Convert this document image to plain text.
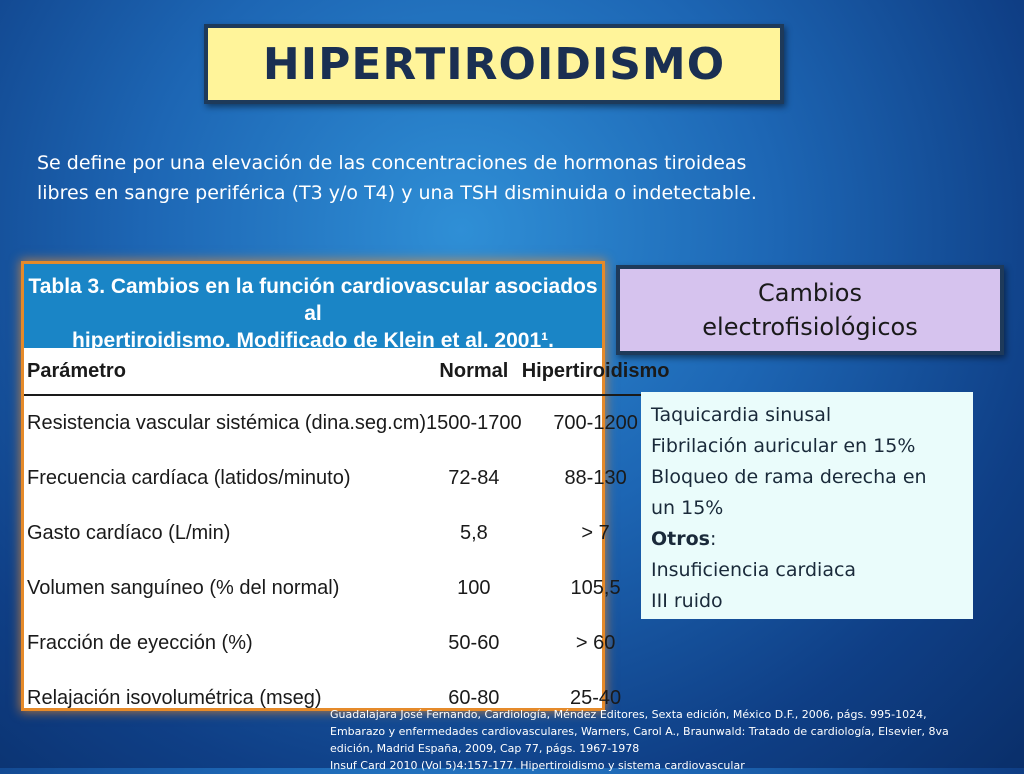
HIPERTIROIDISMO
Se define por una elevación de las concentraciones de hormonas tiroideas
libres en sangre periférica (T3 y/o T4) y una TSH disminuida o indetectable.
Tabla 3. Cambios en la función cardiovascular asociados al
hipertiroidismo. Modificado de Klein et al. 2001¹.
Parámetro	Normal	Hipertiroidismo
Resistencia vascular sistémica (dina.seg.cm)	1500-1700	700-1200
Frecuencia cardíaca (latidos/minuto)	72-84	88-130
Gasto cardíaco (L/min)	5,8	> 7
Volumen sanguíneo (% del normal)	100	105,5
Fracción de eyección (%)	50-60	> 60
Relajación isovolumétrica (mseg)	60-80	25-40
Cambios
electrofisiológicos
Taquicardia sinusal
Fibrilación auricular en 15%
Bloqueo de rama derecha en
un 15%
Otros:
Insuficiencia cardiaca
III ruido
Guadalajara José Fernando, Cardiología, Méndez Editores, Sexta edición, México D.F., 2006, págs. 995-1024,
Embarazo y enfermedades cardiovasculares, Warners, Carol A., Braunwald: Tratado de cardiología, Elsevier, 8va
edición, Madrid España, 2009, Cap 77, págs. 1967-1978
Insuf Card 2010 (Vol 5)4:157-177. Hipertiroidismo y sistema cardiovascular
